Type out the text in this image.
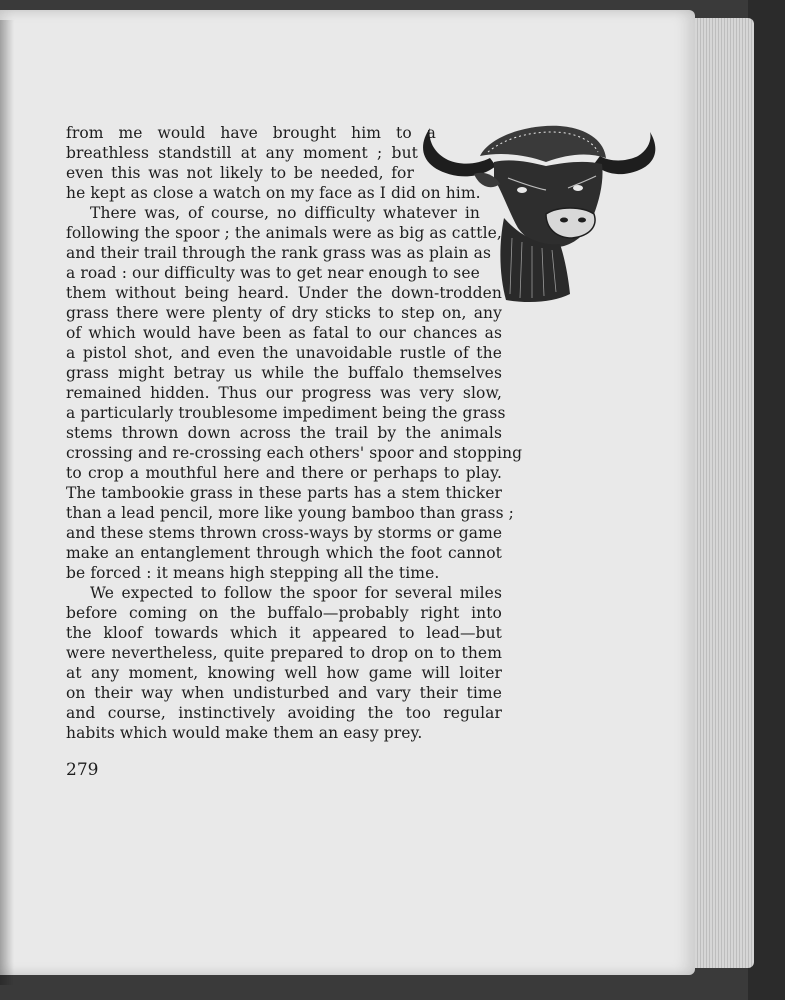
from me would have brought him to a
breathless standstill at any moment ; but
even this was not likely to be needed, for
he kept as close a watch on my face as I did on him.
There was, of course, no difficulty whatever in
following the spoor ; the animals were as big as cattle,
and their trail through the rank grass was as plain as
a road : our difficulty was to get near enough to see
them without being heard. Under the down-trodden
grass there were plenty of dry sticks to step on, any
of which would have been as fatal to our chances as
a pistol shot, and even the unavoidable rustle of the
grass might betray us while the buffalo themselves
remained hidden. Thus our progress was very slow,
a particularly troublesome impediment being the grass
stems thrown down across the trail by the animals
crossing and re-crossing each others' spoor and stopping
to crop a mouthful here and there or perhaps to play.
The tambookie grass in these parts has a stem thicker
than a lead pencil, more like young bamboo than grass ;
and these stems thrown cross-ways by storms or game
make an entanglement through which the foot cannot
be forced : it means high stepping all the time.
We expected to follow the spoor for several miles
before coming on the buffalo—probably right into
the kloof towards which it appeared to lead—but
were nevertheless, quite prepared to drop on to them
at any moment, knowing well how game will loiter
on their way when undisturbed and vary their time
and course, instinctively avoiding the too regular
habits which would make them an easy prey.
279
